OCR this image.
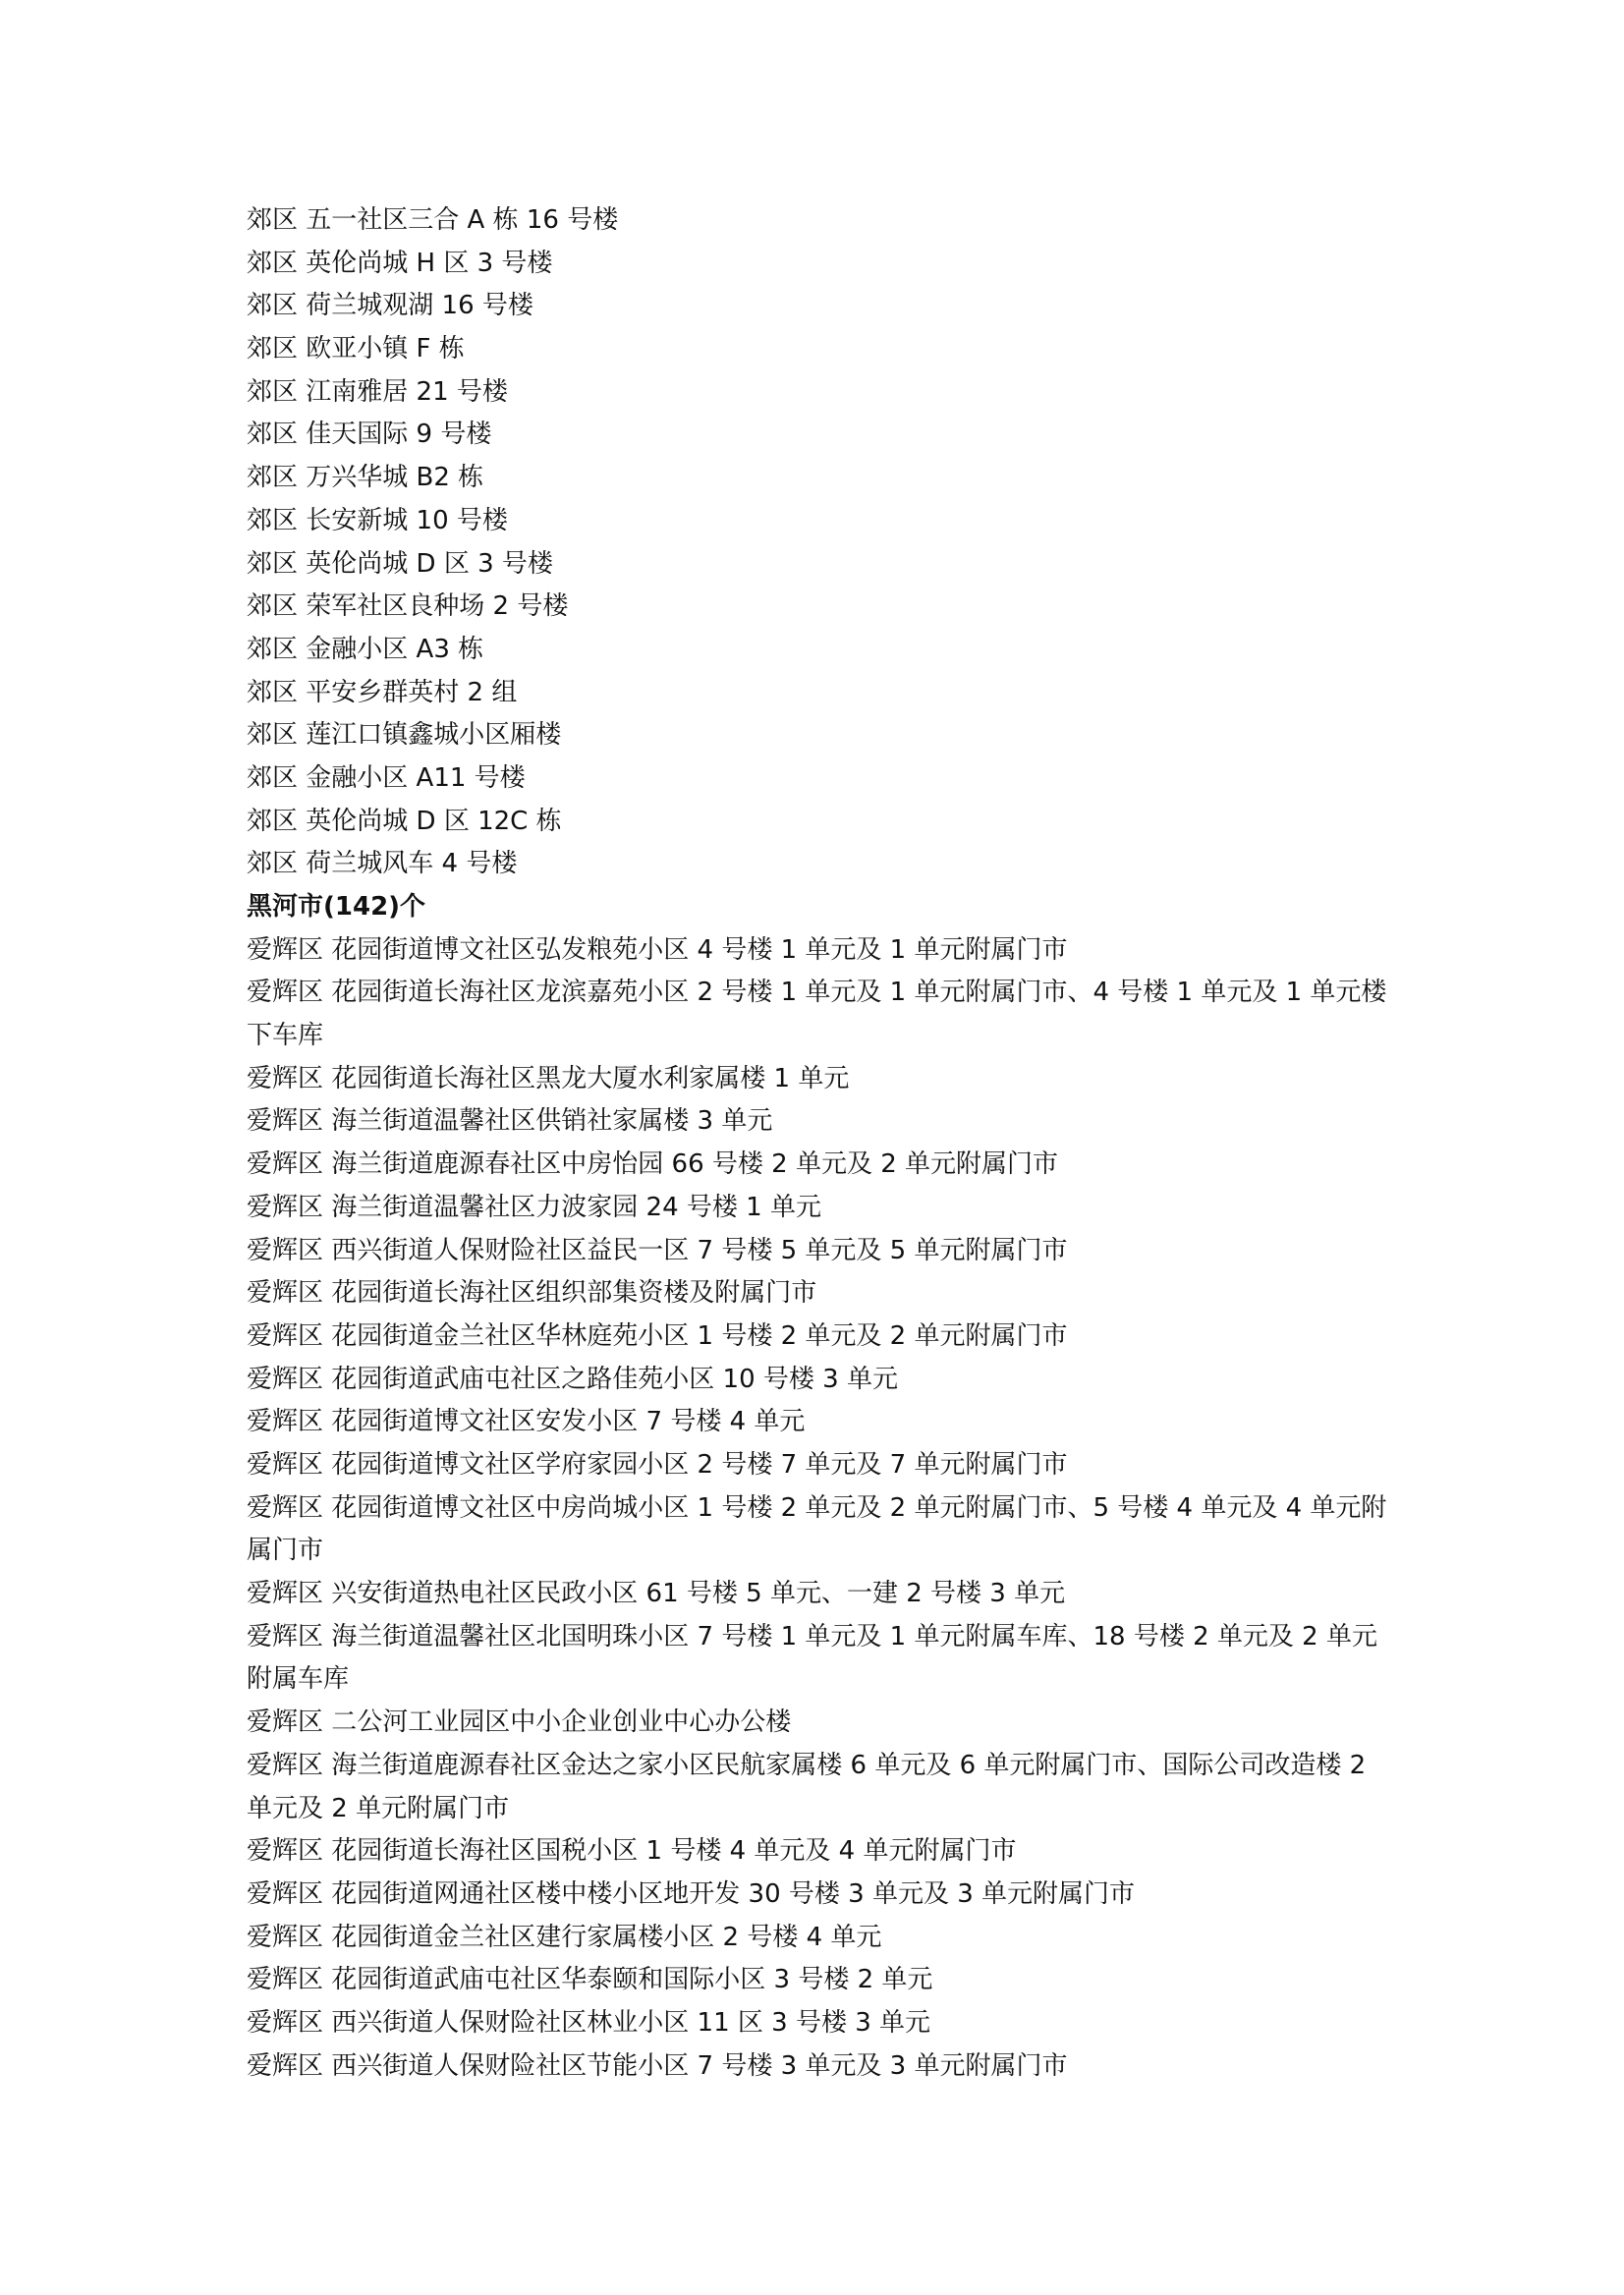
郊区 五一社区三合 A 栋 16 号楼
郊区 英伦尚城 H 区 3 号楼
郊区 荷兰城观湖 16 号楼
郊区 欧亚小镇 F 栋
郊区 江南雅居 21 号楼
郊区 佳天国际 9 号楼
郊区 万兴华城 B2 栋
郊区 长安新城 10 号楼
郊区 英伦尚城 D 区 3 号楼
郊区 荣军社区良种场 2 号楼
郊区 金融小区 A3 栋
郊区 平安乡群英村 2 组
郊区 莲江口镇鑫城小区厢楼
郊区 金融小区 A11 号楼
郊区 英伦尚城 D 区 12C 栋
郊区 荷兰城风车 4 号楼
黑河市(142)个
爱辉区 花园街道博文社区弘发粮苑小区 4 号楼 1 单元及 1 单元附属门市
爱辉区 花园街道长海社区龙滨嘉苑小区 2 号楼 1 单元及 1 单元附属门市、4 号楼 1 单元及 1 单元楼下车库
爱辉区 花园街道长海社区黑龙大厦水利家属楼 1 单元
爱辉区 海兰街道温馨社区供销社家属楼 3 单元
爱辉区 海兰街道鹿源春社区中房怡园 66 号楼 2 单元及 2 单元附属门市
爱辉区 海兰街道温馨社区力波家园 24 号楼 1 单元
爱辉区 西兴街道人保财险社区益民一区 7 号楼 5 单元及 5 单元附属门市
爱辉区 花园街道长海社区组织部集资楼及附属门市
爱辉区 花园街道金兰社区华林庭苑小区 1 号楼 2 单元及 2 单元附属门市
爱辉区 花园街道武庙屯社区之路佳苑小区 10 号楼 3 单元
爱辉区 花园街道博文社区安发小区 7 号楼 4 单元
爱辉区 花园街道博文社区学府家园小区 2 号楼 7 单元及 7 单元附属门市
爱辉区 花园街道博文社区中房尚城小区 1 号楼 2 单元及 2 单元附属门市、5 号楼 4 单元及 4 单元附属门市
爱辉区 兴安街道热电社区民政小区 61 号楼 5 单元、一建 2 号楼 3 单元
爱辉区 海兰街道温馨社区北国明珠小区 7 号楼 1 单元及 1 单元附属车库、18 号楼 2 单元及 2 单元附属车库
爱辉区 二公河工业园区中小企业创业中心办公楼
爱辉区 海兰街道鹿源春社区金达之家小区民航家属楼 6 单元及 6 单元附属门市、国际公司改造楼 2 单元及 2 单元附属门市
爱辉区 花园街道长海社区国税小区 1 号楼 4 单元及 4 单元附属门市
爱辉区 花园街道网通社区楼中楼小区地开发 30 号楼 3 单元及 3 单元附属门市
爱辉区 花园街道金兰社区建行家属楼小区 2 号楼 4 单元
爱辉区 花园街道武庙屯社区华泰颐和国际小区 3 号楼 2 单元
爱辉区 西兴街道人保财险社区林业小区 11 区 3 号楼 3 单元
爱辉区 西兴街道人保财险社区节能小区 7 号楼 3 单元及 3 单元附属门市
